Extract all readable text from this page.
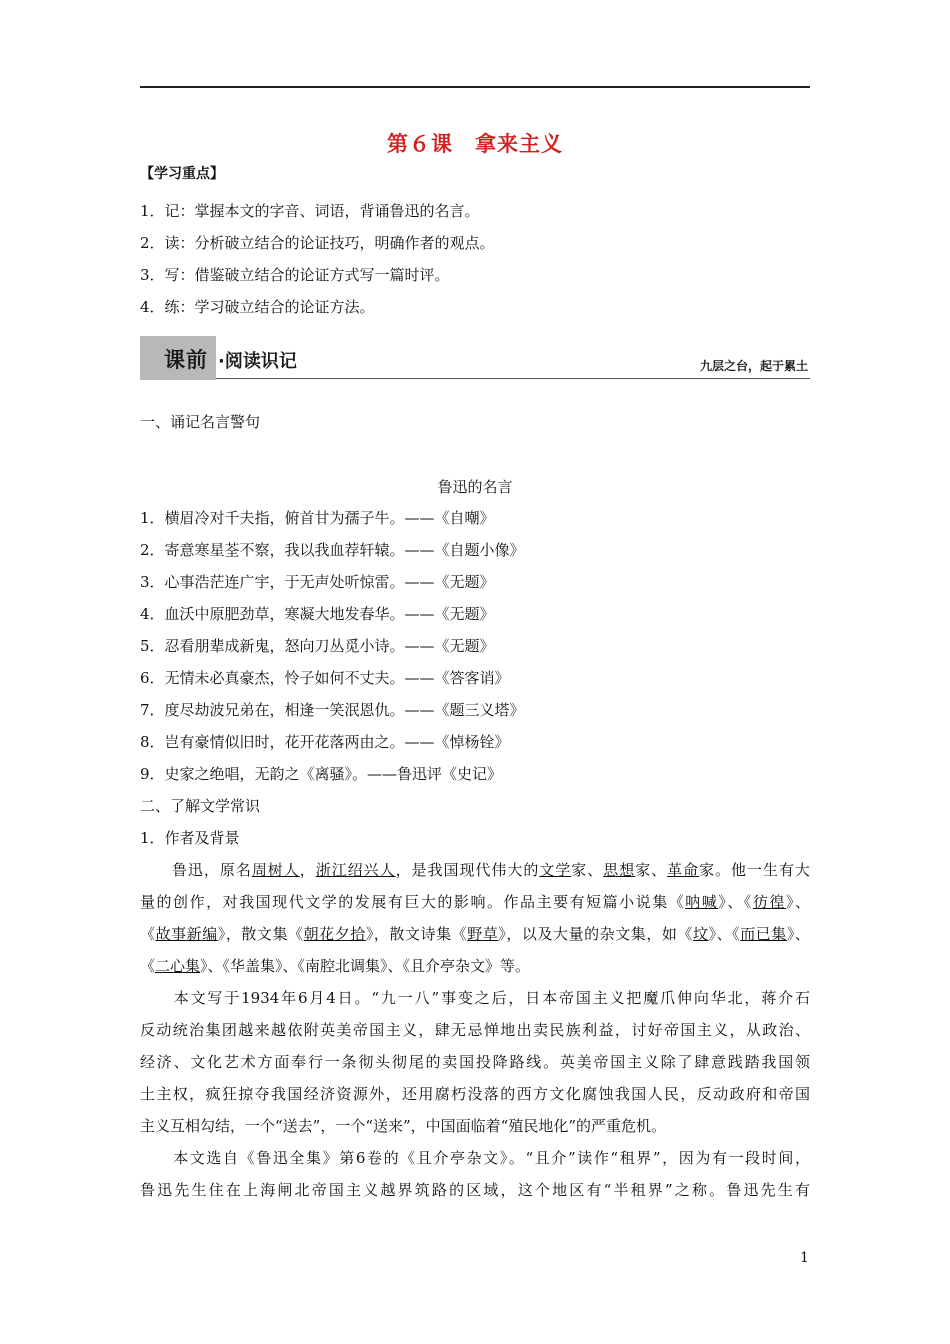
第６课　拿来主义
【学习重点】
1．记：掌握本文的字音、词语，背诵鲁迅的名言。
2．读：分析破立结合的论证技巧，明确作者的观点。
3．写：借鉴破立结合的论证方式写一篇时评。
4．练：学习破立结合的论证方法。
课前 ·阅读识记	九层之台，起于累土
一、诵记名言警句
鲁迅的名言
1．横眉冷对千夫指，俯首甘为孺子牛。——《自嘲》
2．寄意寒星荃不察，我以我血荐轩辕。——《自题小像》
3．心事浩茫连广宇，于无声处听惊雷。——《无题》
4．血沃中原肥劲草，寒凝大地发春华。——《无题》
5．忍看朋辈成新鬼，怒向刀丛觅小诗。——《无题》
6．无情未必真豪杰，怜子如何不丈夫。——《答客诮》
7．度尽劫波兄弟在，相逢一笑泯恩仇。——《题三义塔》
8．岂有豪情似旧时，花开花落两由之。——《悼杨铨》
9．史家之绝唱，无韵之《离骚》。——鲁迅评《史记》
二、了解文学常识
1．作者及背景
　　鲁迅，原名周树人，浙江绍兴人，是我国现代伟大的文学家、思想家、革命家。他一生有大
量的创作，对我国现代文学的发展有巨大的影响。作品主要有短篇小说集《呐喊》、《彷徨》、
《故事新编》，散文集《朝花夕拾》，散文诗集《野草》，以及大量的杂文集，如《坟》、《而已集》、
《二心集》、《华盖集》、《南腔北调集》、《且介亭杂文》等。
　　本文写于1934年6月4日。“九一八”事变之后，日本帝国主义把魔爪伸向华北，蒋介石
反动统治集团越来越依附英美帝国主义，肆无忌惮地出卖民族利益，讨好帝国主义，从政治、
经济、文化艺术方面奉行一条彻头彻尾的卖国投降路线。英美帝国主义除了肆意践踏我国领
土主权，疯狂掠夺我国经济资源外，还用腐朽没落的西方文化腐蚀我国人民，反动政府和帝国
主义互相勾结，一个“送去”，一个“送来”，中国面临着“殖民地化”的严重危机。
　　本文选自《鲁迅全集》第6卷的《且介亭杂文》。“且介”读作“租界”，因为有一段时间，
鲁迅先生住在上海闸北帝国主义越界筑路的区域，这个地区有“半租界”之称。鲁迅先生有
1
